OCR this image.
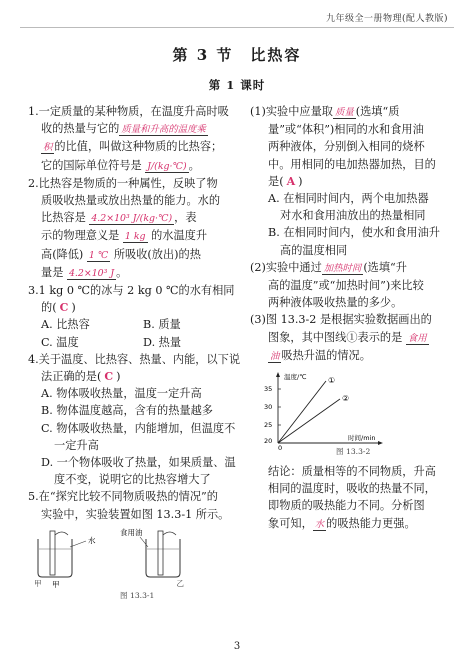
九年级全一册物理(配人教版)
第 3 节　比热容
第 1 课时
1.一定质量的某种物质，在温度升高时吸
收的热量与它的 质量和升高的温度乘
积 的比值，叫做这种物质的比热容；
它的国际单位符号是 J/(kg·℃) 。
2.比热容是物质的一种属性，反映了物
质吸收热量或放出热量的能力。水的
比热容是 4.2×10³ J/(kg·℃) ，表
示的物理意义是 1 kg 的水温度升
高(降低) 1 ℃ 所吸收(放出)的热
量是 4.2×10³ J 。
3.1 kg 0 ℃的冰与 2 kg 0 ℃的水有相同
的( C )
A. 比热容	B. 质量
C. 温度	D. 热量
4.关于温度、比热容、热量、内能，以下说
法正确的是( C )
A. 物体吸收热量，温度一定升高
B. 物体温度越高，含有的热量越多
C. 物体吸收热量，内能增加，但温度不
一定升高
D. 一个物体吸收了热量，如果质量、温
度不变，说明它的比热容增大了
5.在“探究比较不同物质吸热的情况”的
实验中，实验装置如图 13.3-1 所示。
水
食用油
甲
甲	乙
图 13.3-1
(1)实验中应量取 质量 (选填“质
量”或“体积”)相同的水和食用油
两种液体，分别倒入相同的烧杯
中。用相同的电加热器加热，目的
是( A )
A. 在相同时间内，两个电加热器
对水和食用油放出的热量相同
B. 在相同时间内，使水和食用油升
高的温度相同
(2)实验中通过 加热时间 (选填“升
高的温度”或“加热时间”)来比较
两种液体吸收热量的多少。
(3)图 13.3-2 是根据实验数据画出的
图象，其中图线①表示的是 食用
油 吸热升温的情况。
35
30
25
20
0
温度/℃
时间/min
①
②
图 13.3-2
结论：质量相等的不同物质，升高
相同的温度时，吸收的热量不同，
即物质的吸热能力不同。分析图
象可知， 水 的吸热能力更强。
3
